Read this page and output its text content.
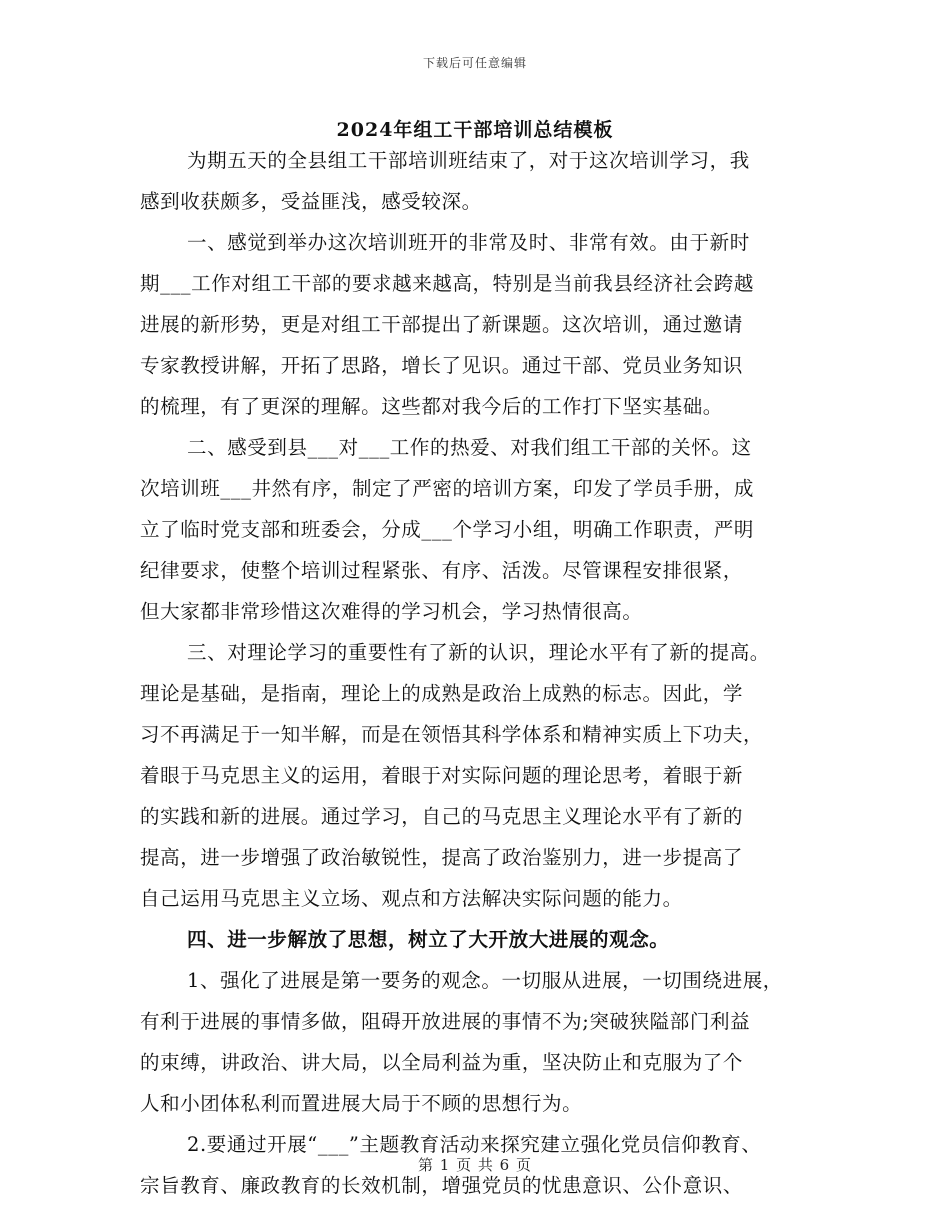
下载后可任意编辑
2024年组工干部培训总结模板
为期五天的全县组工干部培训班结束了，对于这次培训学习，我
感到收获颇多，受益匪浅，感受较深。
一、感觉到举办这次培训班开的非常及时、非常有效。由于新时
期___工作对组工干部的要求越来越高，特别是当前我县经济社会跨越
进展的新形势，更是对组工干部提出了新课题。这次培训，通过邀请
专家教授讲解，开拓了思路，增长了见识。通过干部、党员业务知识
的梳理，有了更深的理解。这些都对我今后的工作打下坚实基础。
二、感受到县___对___工作的热爱、对我们组工干部的关怀。这
次培训班___井然有序，制定了严密的培训方案，印发了学员手册，成
立了临时党支部和班委会，分成___个学习小组，明确工作职责，严明
纪律要求，使整个培训过程紧张、有序、活泼。尽管课程安排很紧，
但大家都非常珍惜这次难得的学习机会，学习热情很高。
三、对理论学习的重要性有了新的认识，理论水平有了新的提高。
理论是基础，是指南，理论上的成熟是政治上成熟的标志。因此，学
习不再满足于一知半解，而是在领悟其科学体系和精神实质上下功夫，
着眼于马克思主义的运用，着眼于对实际问题的理论思考，着眼于新
的实践和新的进展。通过学习，自己的马克思主义理论水平有了新的
提高，进一步增强了政治敏锐性，提高了政治鉴别力，进一步提高了
自己运用马克思主义立场、观点和方法解决实际问题的能力。
四、进一步解放了思想，树立了大开放大进展的观念。
1、强化了进展是第一要务的观念。一切服从进展，一切围绕进展，
有利于进展的事情多做，阻碍开放进展的事情不为;突破狭隘部门利益
的束缚，讲政治、讲大局，以全局利益为重，坚决防止和克服为了个
人和小团体私利而置进展大局于不顾的思想行为。
2.要通过开展“___”主题教育活动来探究建立强化党员信仰教育、
宗旨教育、廉政教育的长效机制，增强党员的忧患意识、公仆意识、
第 1 页 共 6 页
